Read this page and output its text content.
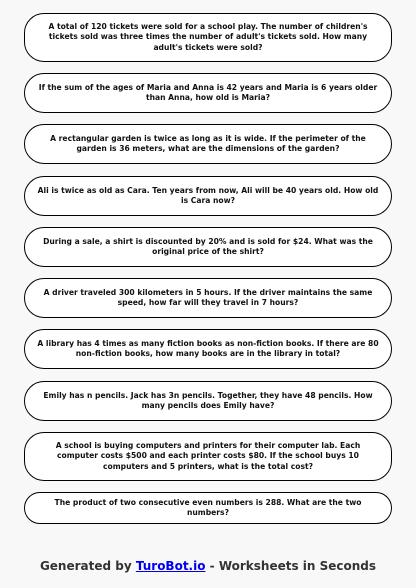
A total of 120 tickets were sold for a school play. The number of children's tickets sold was three times the number of adult's tickets sold. How many adult's tickets were sold?
If the sum of the ages of Maria and Anna is 42 years and Maria is 6 years older than Anna, how old is Maria?
A rectangular garden is twice as long as it is wide. If the perimeter of the garden is 36 meters, what are the dimensions of the garden?
Ali is twice as old as Cara. Ten years from now, Ali will be 40 years old. How old is Cara now?
During a sale, a shirt is discounted by 20% and is sold for $24. What was the original price of the shirt?
A driver traveled 300 kilometers in 5 hours. If the driver maintains the same speed, how far will they travel in 7 hours?
A library has 4 times as many fiction books as non-fiction books. If there are 80 non-fiction books, how many books are in the library in total?
Emily has n pencils. Jack has 3n pencils. Together, they have 48 pencils. How many pencils does Emily have?
A school is buying computers and printers for their computer lab. Each computer costs $500 and each printer costs $80. If the school buys 10 computers and 5 printers, what is the total cost?
The product of two consecutive even numbers is 288. What are the two numbers?
Generated by TuroBot.io - Worksheets in Seconds
